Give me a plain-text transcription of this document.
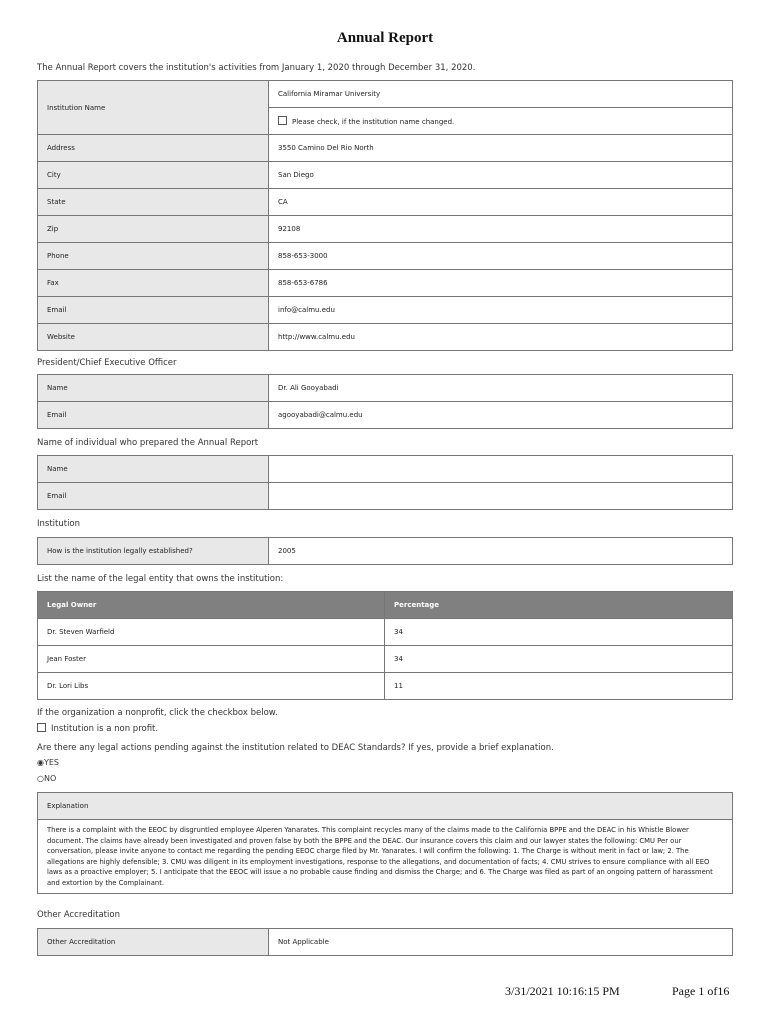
Annual Report
The Annual Report covers the institution's activities from January 1, 2020 through December 31, 2020.
Institution Name	California Miramar University
	Please check, if the institution name changed.
Address	3550 Camino Del Rio North
City	San Diego
State	CA
Zip	92108
Phone	858-653-3000
Fax	858-653-6786
Email	info@calmu.edu
Website	http://www.calmu.edu
President/Chief Executive Officer
Name	Dr. Ali Gooyabadi
Email	agooyabadi@calmu.edu
Name of individual who prepared the Annual Report
Name	
Email	
Institution
How is the institution legally established?	2005
List the name of the legal entity that owns the institution:
Legal Owner	Percentage
Dr. Steven Warfield	34
Jean Foster	34
Dr. Lori Libs	11
If the organization a nonprofit, click the checkbox below.
Institution is a non profit.
Are there any legal actions pending against the institution related to DEAC Standards? If yes, provide a brief explanation.
◉YES
○NO
Explanation
There is a complaint with the EEOC by disgruntled employee Alperen Yanarates. This complaint recycles many of the claims made to the California BPPE and the DEAC in his Whistle Blower document. The claims have already been investigated and proven false by both the BPPE and the DEAC. Our insurance covers this claim and our lawyer states the following: CMU Per our conversation, please invite anyone to contact me regarding the pending EEOC charge filed by Mr. Yanarates. I will confirm the following: 1. The Charge is without merit in fact or law; 2. The allegations are highly defensible; 3. CMU was diligent in its employment investigations, response to the allegations, and documentation of facts; 4. CMU strives to ensure compliance with all EEO laws as a proactive employer; 5. I anticipate that the EEOC will issue a no probable cause finding and dismiss the Charge; and 6. The Charge was filed as part of an ongoing pattern of harassment and extortion by the Complainant.
Other Accreditation
Other Accreditation	Not Applicable
3/31/2021 10:16:15 PM	Page 1 of16
